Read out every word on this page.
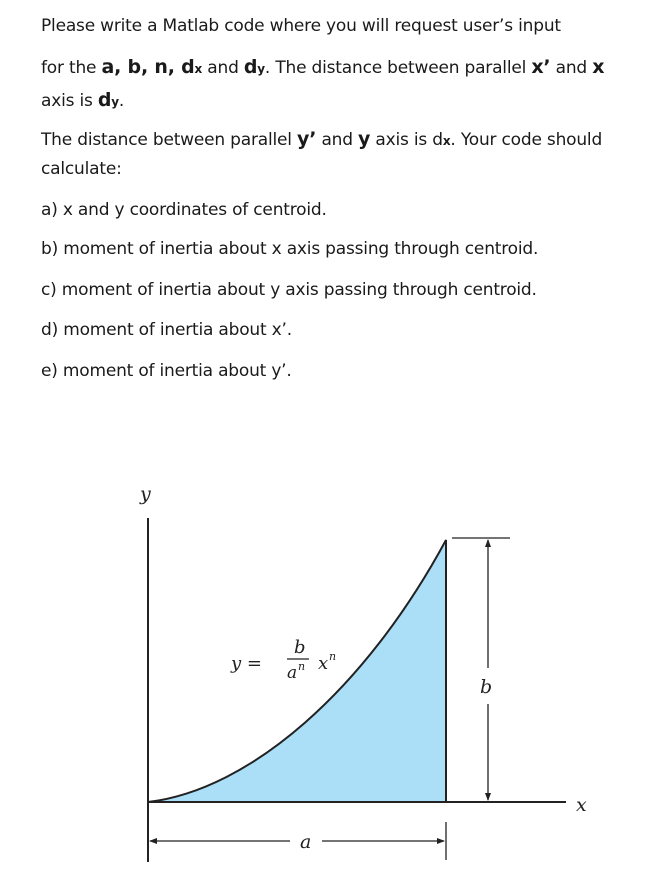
Please write a Matlab code where you will request user’s input

for the a, b, n, dx and dy. The distance between parallel x’ and x

axis is dy.

The distance between parallel y’ and y axis is dx. Your code should

calculate:

a) x and y coordinates of centroid.

b) moment of inertia about x axis passing through centroid.

c) moment of inertia about y axis passing through centroid.

d) moment of inertia about x’.

e) moment of inertia about y’.

y
x
b
a
y =
b
a n x n
